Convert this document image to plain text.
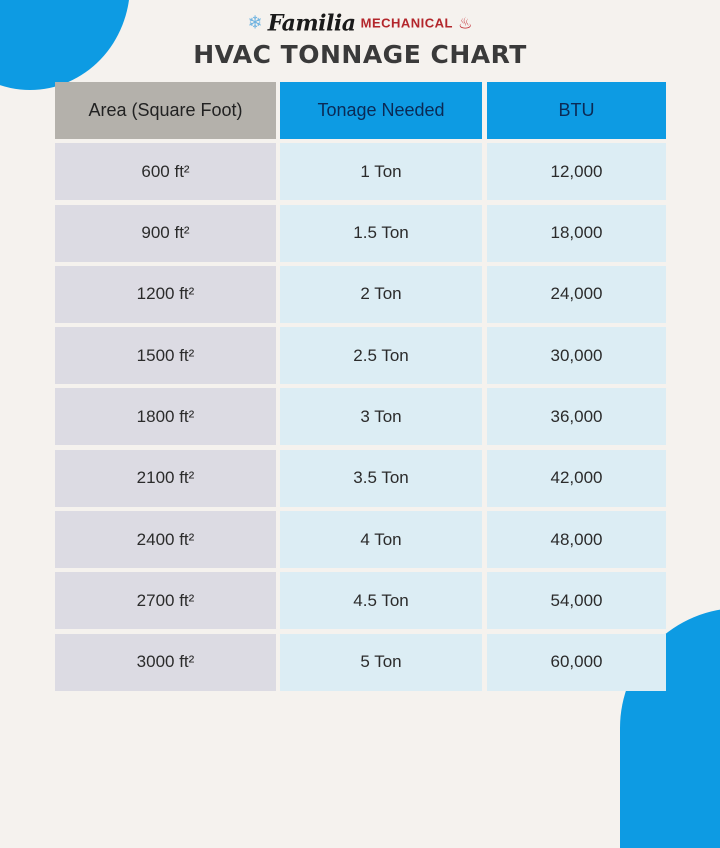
❄ Familia MECHANICAL ♨
HVAC TONNAGE CHART
Area (Square Foot)	Tonage Needed	BTU
600 ft²	1 Ton	12,000
900 ft²	1.5 Ton	18,000
1200 ft²	2 Ton	24,000
1500 ft²	2.5 Ton	30,000
1800 ft²	3 Ton	36,000
2100 ft²	3.5 Ton	42,000
2400 ft²	4 Ton	48,000
2700 ft²	4.5 Ton	54,000
3000 ft²	5 Ton	60,000
